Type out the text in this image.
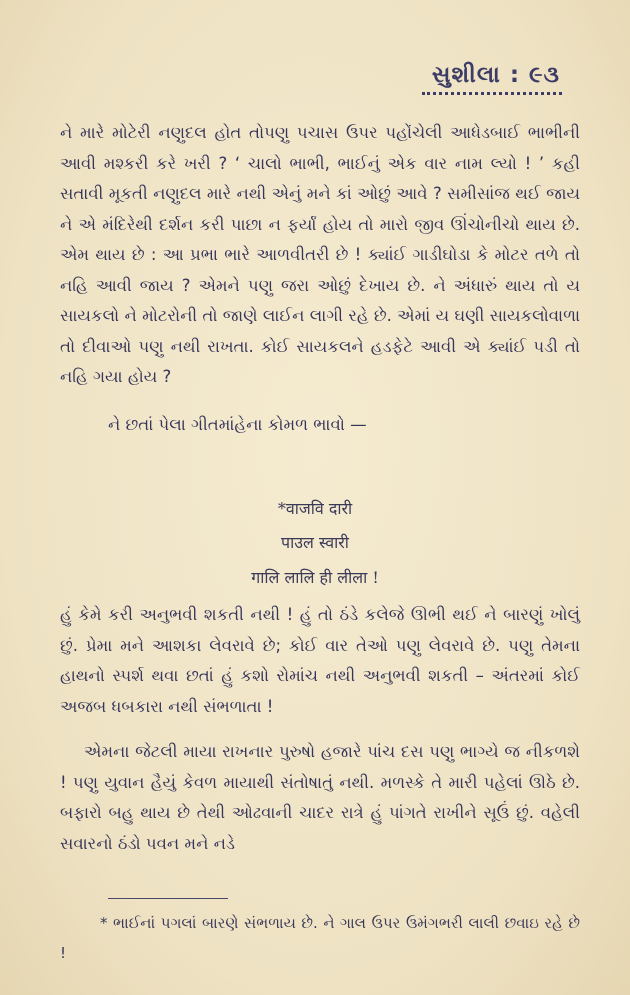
સુશીલા : ૯૩
ને મારે મોટેરી નણુદલ હોત તોપણુ પચાસ ઉપર પહોંચેલી આધેડબાઈ ભાભીની આવી મશ્કરી કરે ખરી ? ‘ ચાલો ભાભી, ભાઈનું એક વાર નામ લ્યો ! ’ કહી સતાવી મૂકતી નણુદલ મારે નથી એનું મને કાં ઓછું આવે ? સમીસાંજ થઈ જાય ને એ મંદિરેથી દર્શન કરી પાછા ન ફર્યાં હોય તો મારો જીવ ઊંચોનીચો થાય છે. એમ થાય છે : આ પ્રભા ભારે આળવીતરી છે ! ક્યાંઈ ગાડીઘોડા કે મોટર તળે તો નહિ આવી જાય ? એમને પણુ જરા ઓછું દેખાય છે. ને અંધારું થાય તો ય સાયકલો ને મોટરોની તો જાણે લાઈન લાગી રહે છે. એમાં ય ઘણી સાયકલોવાળા તો દીવાઓ પણુ નથી રાખતા. કોઈ સાયકલને હડફેટે આવી એ ક્યાંઈ પડી તો નહિ ગયા હોય ?
ને છતાં પેલા ગીતમાંહેના કોમળ ભાવો —
*वाजवि दारी
पाउल स्वारी
गालि लालि ही लीला !
હું કેમે કરી અનુભવી શકતી નથી ! હું તો ઠંડે કલેજે ઊભી થઈ ને બારણું ખોલું છું. પ્રેમા મને આશકા લેવરાવે છે; કોઈ વાર તેઓ પણુ લેવરાવે છે. પણુ તેમના હાથનો સ્પર્શ થવા છતાં હું કશો રોમાંચ નથી અનુભવી શકતી – અંતરમાં કોઈ અજબ ધબકારા નથી સંભળાતા !
એમના જેટલી માયા રાખનાર પુરુષો હજારે પાંચ દસ પણુ ભાગ્યે જ નીકળશે ! પણુ યુવાન હૈયું કેવળ માયાથી સંતોષાતું નથી. મળસ્કે તે મારી પહેલાં ઊઠે છે. બફારો બહુ થાય છે તેથી ઓઢવાની ચાદર રાત્રે હું પાંગતે રાખીને સૂઉં છું. વહેલી સવારનો ઠંડો પવન મને નડે
* ભાઈનાં પગલાં બારણે સંભળાય છે. ને ગાલ ઉપર ઉમંગભરી લાલી છવાઇ રહે છે !
